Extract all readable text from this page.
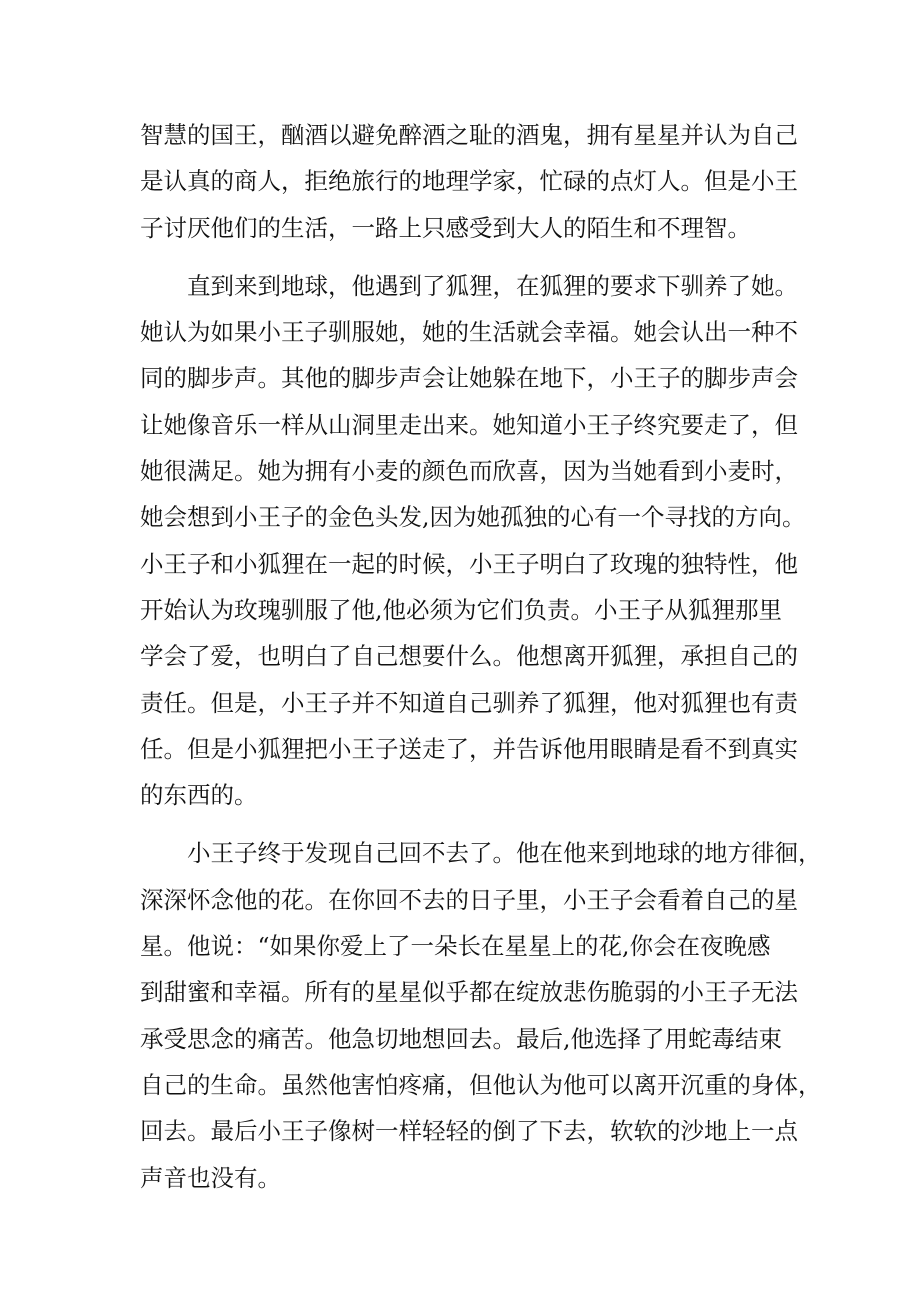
智慧的国王，酗酒以避免醉酒之耻的酒鬼，拥有星星并认为自己
是认真的商人，拒绝旅行的地理学家，忙碌的点灯人。但是小王
子讨厌他们的生活，一路上只感受到大人的陌生和不理智。
　　直到来到地球，他遇到了狐狸，在狐狸的要求下驯养了她。
她认为如果小王子驯服她，她的生活就会幸福。她会认出一种不
同的脚步声。其他的脚步声会让她躲在地下，小王子的脚步声会
让她像音乐一样从山洞里走出来。她知道小王子终究要走了，但
她很满足。她为拥有小麦的颜色而欣喜，因为当她看到小麦时，
她会想到小王子的金色头发,因为她孤独的心有一个寻找的方向。
小王子和小狐狸在一起的时候，小王子明白了玫瑰的独特性，他
开始认为玫瑰驯服了他,他必须为它们负责。小王子从狐狸那里
学会了爱，也明白了自己想要什么。他想离开狐狸，承担自己的
责任。但是，小王子并不知道自己驯养了狐狸，他对狐狸也有责
任。但是小狐狸把小王子送走了，并告诉他用眼睛是看不到真实
的东西的。
　　小王子终于发现自己回不去了。他在他来到地球的地方徘徊，
深深怀念他的花。在你回不去的日子里，小王子会看着自己的星
星。他说：“如果你爱上了一朵长在星星上的花,你会在夜晚感
到甜蜜和幸福。所有的星星似乎都在绽放悲伤脆弱的小王子无法
承受思念的痛苦。他急切地想回去。最后,他选择了用蛇毒结束
自己的生命。虽然他害怕疼痛，但他认为他可以离开沉重的身体，
回去。最后小王子像树一样轻轻的倒了下去，软软的沙地上一点
声音也没有。
